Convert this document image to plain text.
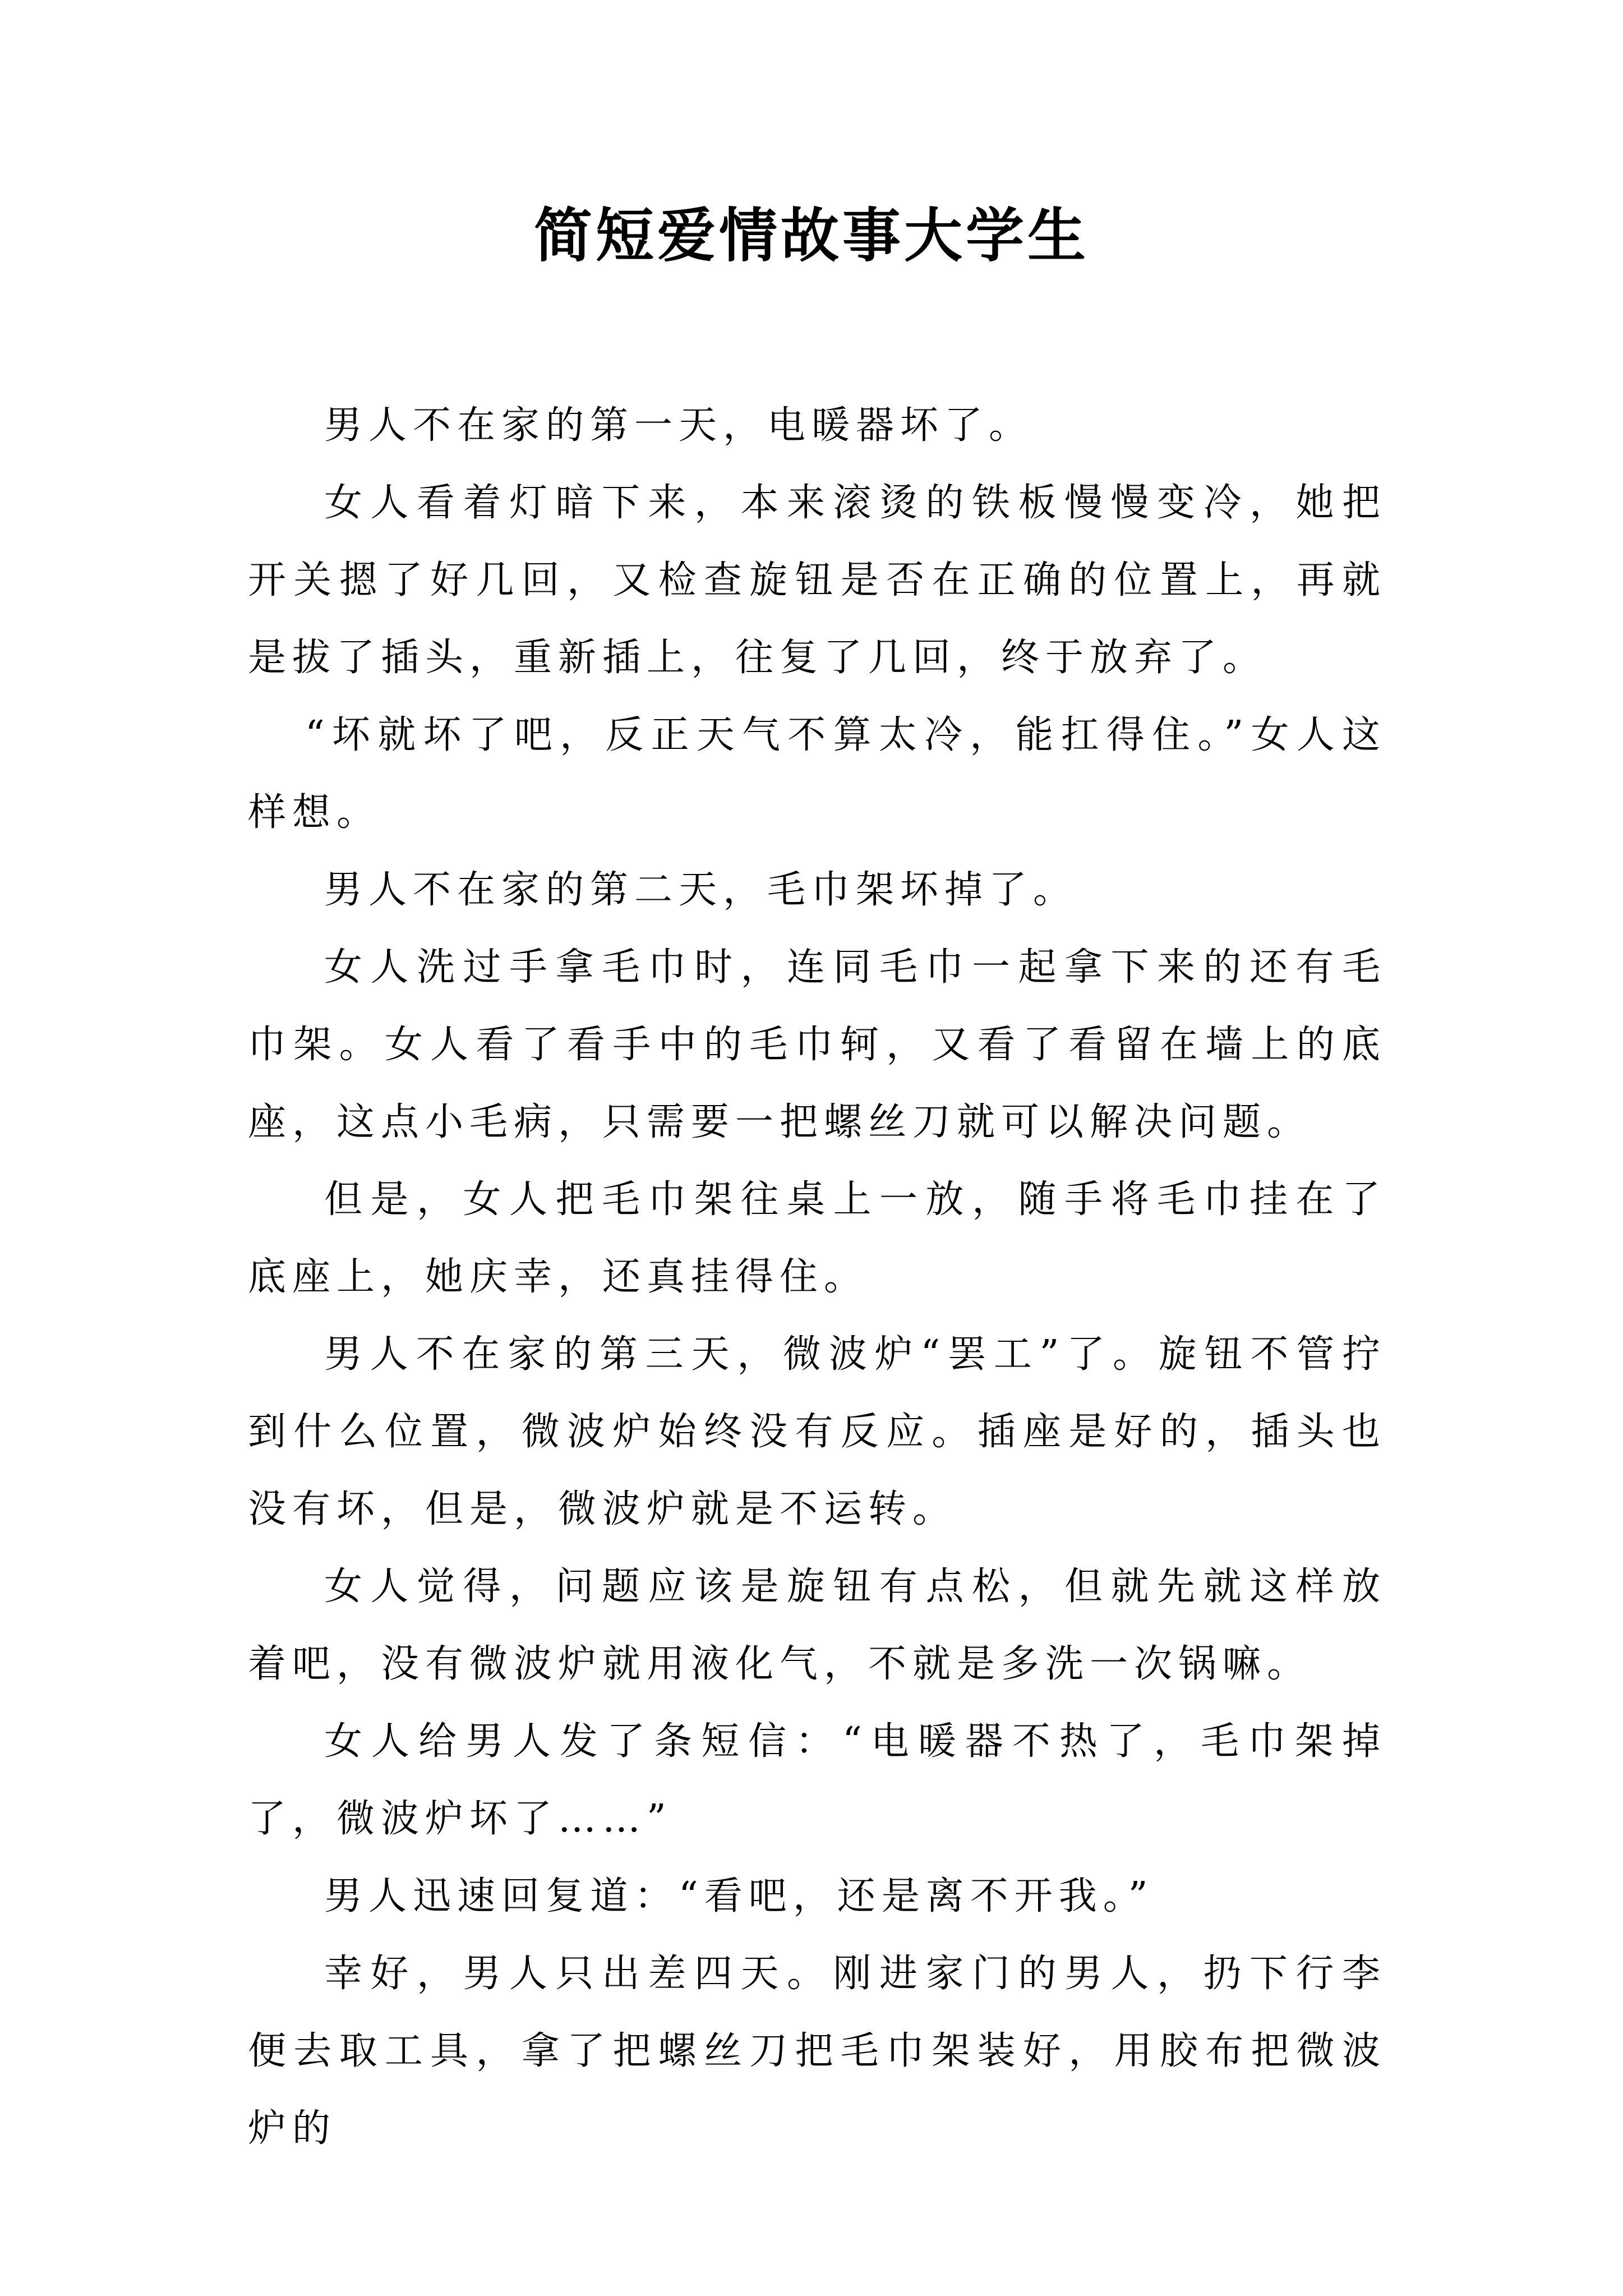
简短爱情故事大学生

男人不在家的第一天，电暖器坏了。

女人看着灯暗下来，本来滚烫的铁板慢慢变冷，她把开关摁了好几回，又检查旋钮是否在正确的位置上，再就是拔了插头，重新插上，往复了几回，终于放弃了。

“坏就坏了吧，反正天气不算太冷，能扛得住。”女人这样想。

男人不在家的第二天，毛巾架坏掉了。

女人洗过手拿毛巾时，连同毛巾一起拿下来的还有毛巾架。女人看了看手中的毛巾轲，又看了看留在墙上的底座，这点小毛病，只需要一把螺丝刀就可以解决问题。

但是，女人把毛巾架往桌上一放，随手将毛巾挂在了底座上，她庆幸，还真挂得住。

男人不在家的第三天，微波炉“罢工”了。旋钮不管拧到什么位置，微波炉始终没有反应。插座是好的，插头也没有坏，但是，微波炉就是不运转。

女人觉得，问题应该是旋钮有点松，但就先就这样放着吧，没有微波炉就用液化气，不就是多洗一次锅嘛。

女人给男人发了条短信：“电暖器不热了，毛巾架掉了，微波炉坏了……”

男人迅速回复道：“看吧，还是离不开我。”

幸好，男人只出差四天。刚进家门的男人，扔下行李便去取工具，拿了把螺丝刀把毛巾架装好，用胶布把微波炉的
